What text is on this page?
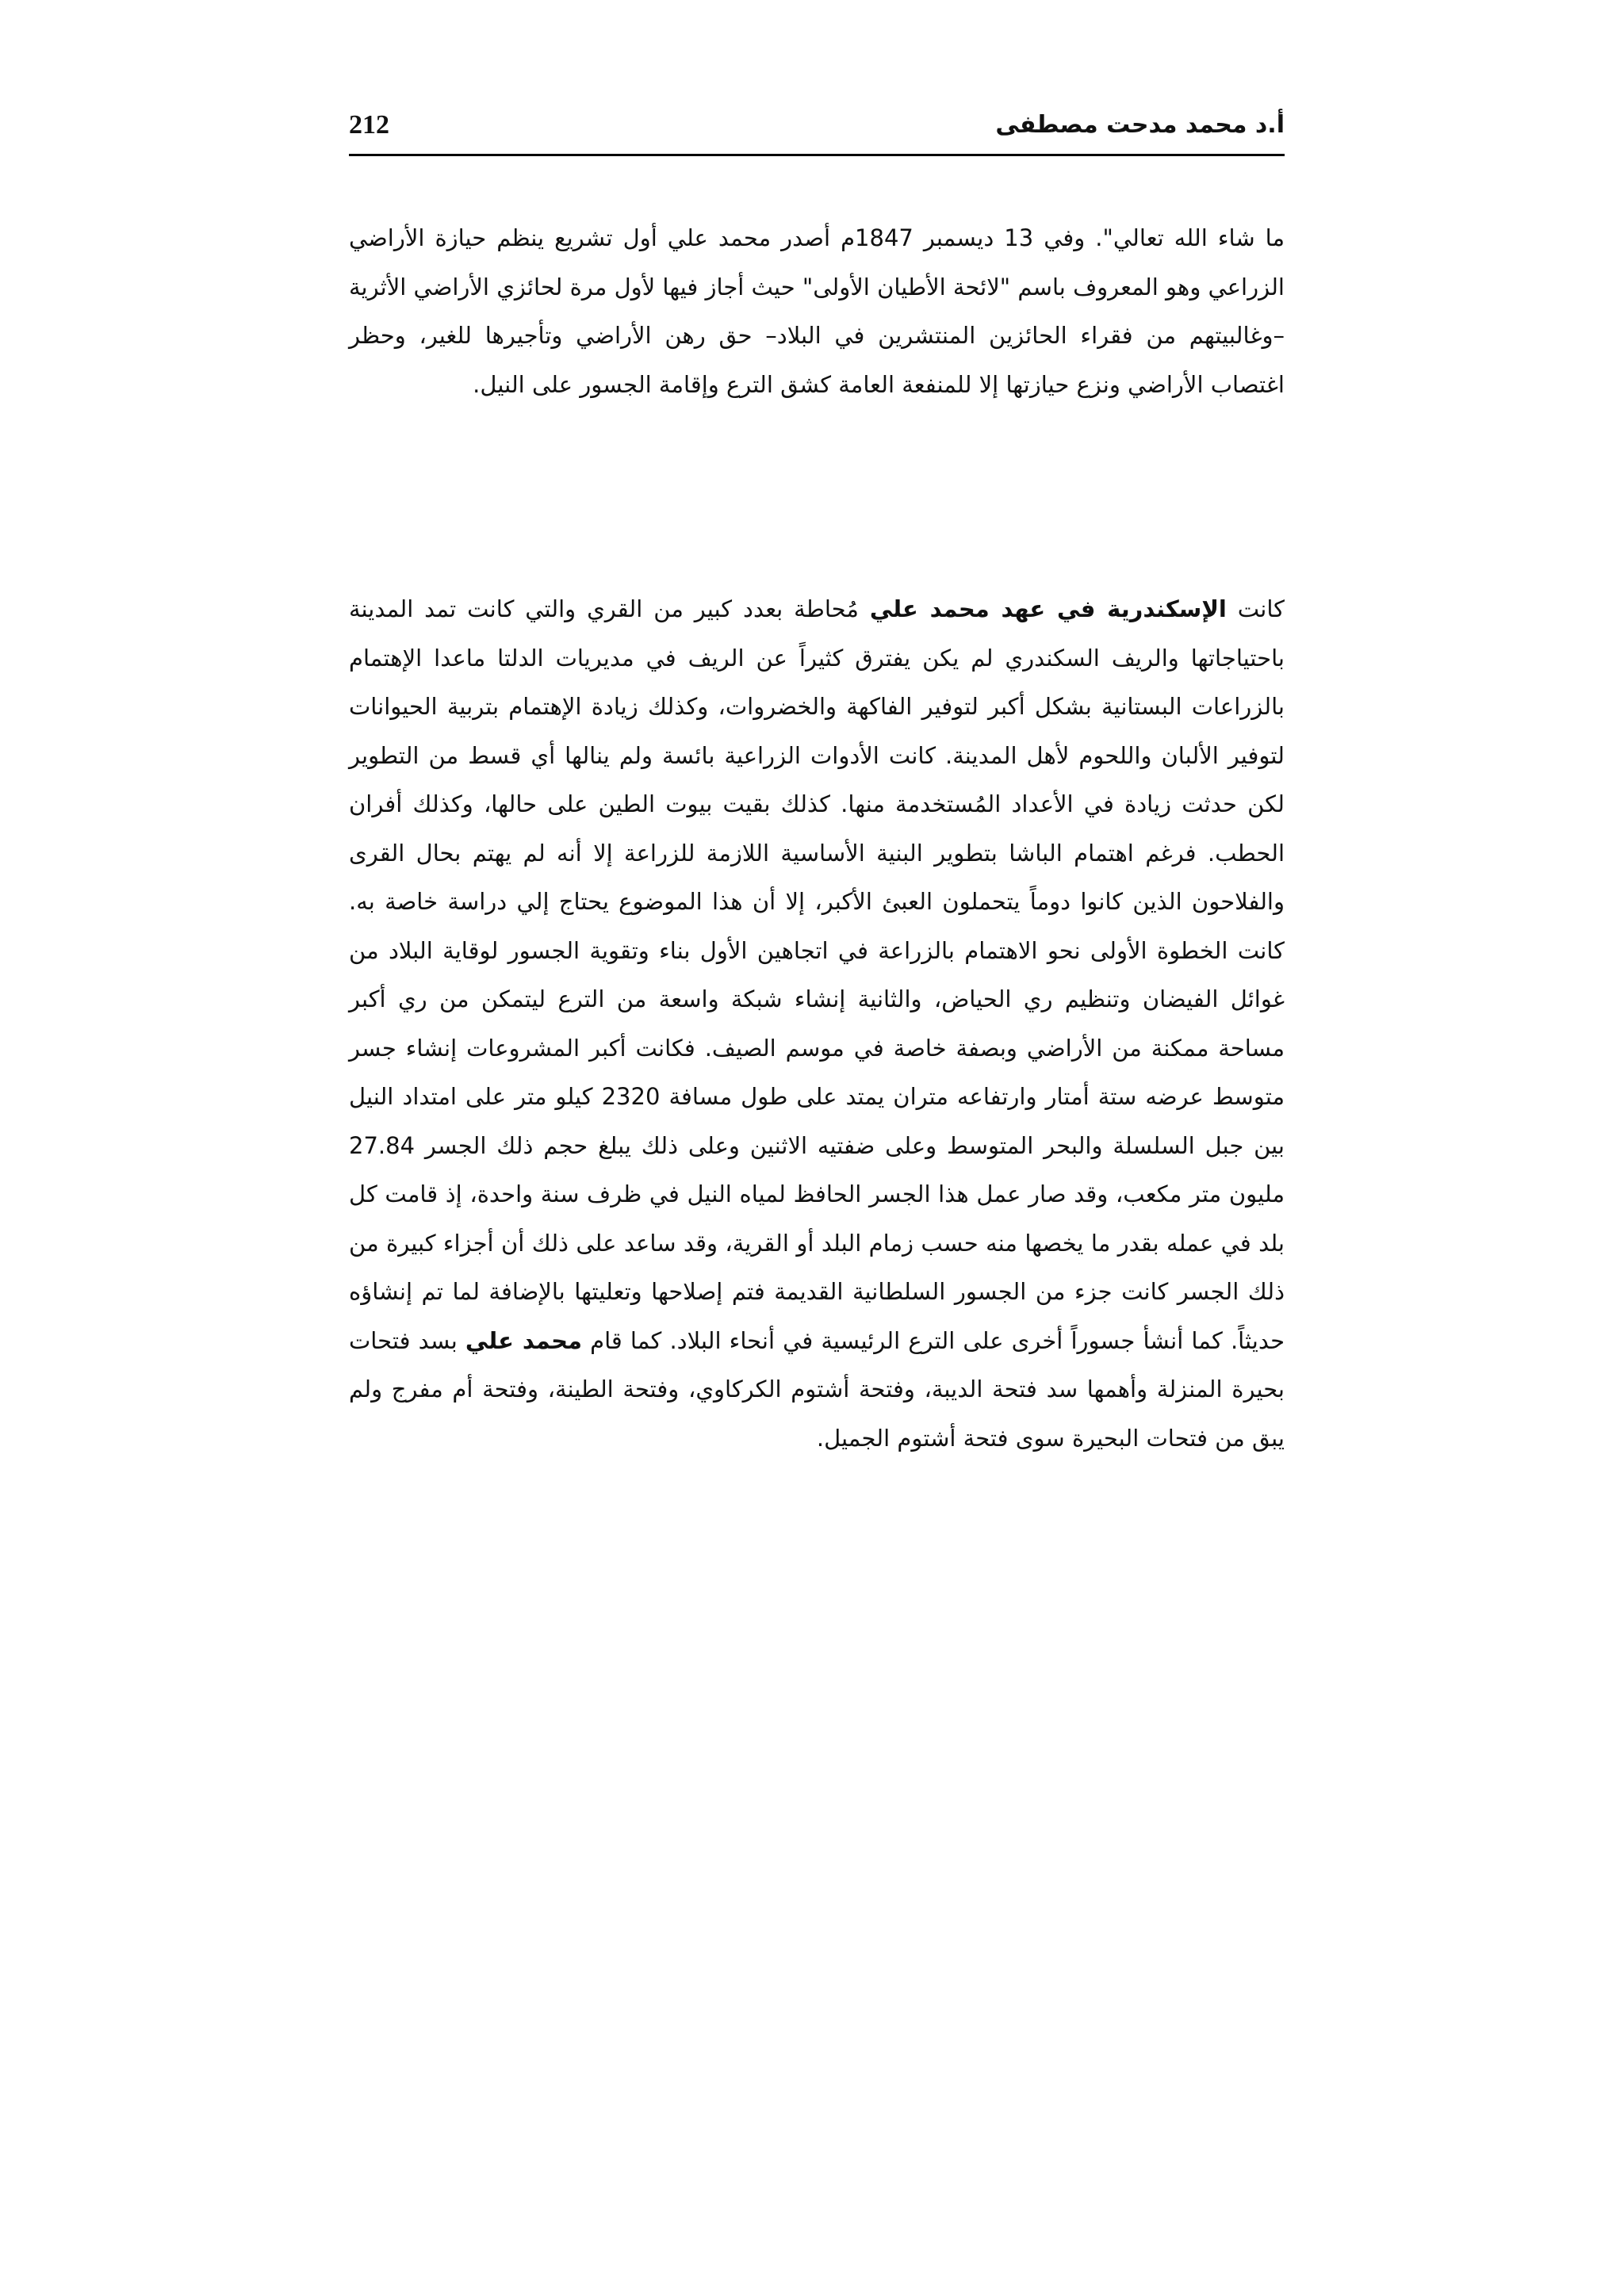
212	أ.د محمد مدحت مصطفى

ما شاء الله تعالي". وفي 13 ديسمبر 1847م أصدر محمد علي أول تشريع ينظم حيازة الأراضي الزراعي وهو المعروف باسم "لائحة الأطيان الأولى" حيث أجاز فيها لأول مرة لحائزي الأراضي الأثرية –وغالبيتهم من فقراء الحائزين المنتشرين في البلاد– حق رهن الأراضي وتأجيرها للغير، وحظر اغتصاب الأراضي ونزع حيازتها إلا للمنفعة العامة كشق الترع وإقامة الجسور على النيل.

كانت الإسكندرية في عهد محمد علي مُحاطة بعدد كبير من القري والتي كانت تمد المدينة باحتياجاتها والريف السكندري لم يكن يفترق كثيراً عن الريف في مديريات الدلتا ماعدا الإهتمام بالزراعات البستانية بشكل أكبر لتوفير الفاكهة والخضروات، وكذلك زيادة الإهتمام بتربية الحيوانات لتوفير الألبان واللحوم لأهل المدينة. كانت الأدوات الزراعية بائسة ولم ينالها أي قسط من التطوير لكن حدثت زيادة في الأعداد المُستخدمة منها. كذلك بقيت بيوت الطين على حالها، وكذلك أفران الحطب. فرغم اهتمام الباشا بتطوير البنية الأساسية اللازمة للزراعة إلا أنه لم يهتم بحال القرى والفلاحون الذين كانوا دوماً يتحملون العبئ الأكبر، إلا أن هذا الموضوع يحتاج إلي دراسة خاصة به. كانت الخطوة الأولى نحو الاهتمام بالزراعة في اتجاهين الأول بناء وتقوية الجسور لوقاية البلاد من غوائل الفيضان وتنظيم ري الحياض، والثانية إنشاء شبكة واسعة من الترع ليتمكن من ري أكبر مساحة ممكنة من الأراضي وبصفة خاصة في موسم الصيف. فكانت أكبر المشروعات إنشاء جسر متوسط عرضه ستة أمتار وارتفاعه متران يمتد على طول مسافة 2320 كيلو متر على امتداد النيل بين جبل السلسلة والبحر المتوسط وعلى ضفتيه الاثنين وعلى ذلك يبلغ حجم ذلك الجسر 27.84 مليون متر مكعب، وقد صار عمل هذا الجسر الحافظ لمياه النيل في ظرف سنة واحدة، إذ قامت كل بلد في عمله بقدر ما يخصها منه حسب زمام البلد أو القرية، وقد ساعد على ذلك أن أجزاء كبيرة من ذلك الجسر كانت جزء من الجسور السلطانية القديمة فتم إصلاحها وتعليتها بالإضافة لما تم إنشاؤه حديثاً. كما أنشأ جسوراً أخرى على الترع الرئيسية في أنحاء البلاد. كما قام محمد علي بسد فتحات بحيرة المنزلة وأهمها سد فتحة الديبة، وفتحة أشتوم الكركاوي، وفتحة الطينة، وفتحة أم مفرج ولم يبق من فتحات البحيرة سوى فتحة أشتوم الجميل.
